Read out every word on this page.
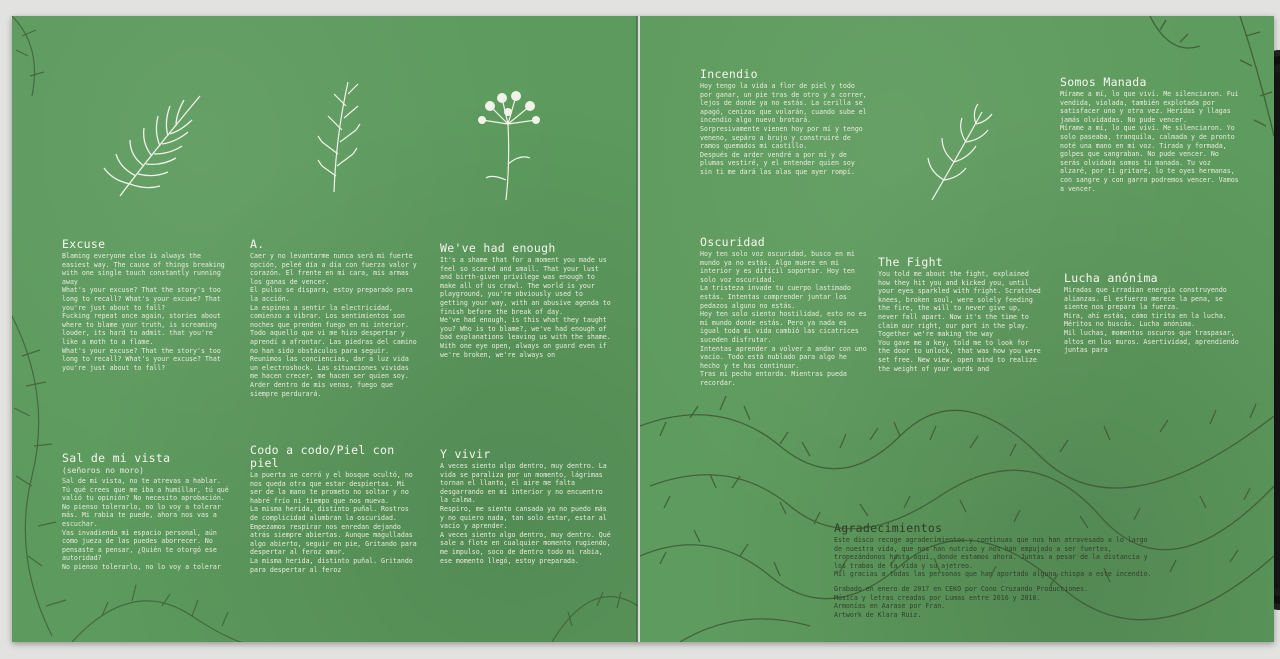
Excuse

Blaming everyone else is always the easiest way. The cause of things breaking with one single touch constantly running away
What's your excuse? That the story's too long to recall? What's your excuse? That you're just about to fall?
Fucking repeat once again, stories about where to blame your truth, is screaming louder, its hard to admit. that you're like a moth to a flame.
What's your excuse? That the story's too long to recall? What's your excuse? That you're just about to fall?

A.

Caer y no levantarme nunca será mi fuerte opción, peleé día a día con fuerza valor y corazón. El frente en mi cara, mis armas los ganas de vencer.
El pulso se dispara, estoy preparado para la acción.
La espinea a sentir la electricidad, comienzo a vibrar. Los sentimientos son noches que prenden fuego en mi interior.
Todo aquello que vi me hizo despertar y aprendí a afrontar. Las piedras del camino no han sido obstáculos para seguir. Reunimos las conciencias, dar a luz vida un electroshock. Las situaciones vividas me hacen crecer, me hacen ser quien soy.
Arder dentro de mis venas, fuego que siempre perdurará.

We've had enough

It's a shame that for a moment you made us feel so scared and small. That your lust and birth-given privilege was enough to make all of us crawl. The world is your playground, you're obviously used to getting your way, with an abusive agenda to finish before the break of day.
We've had enough, is this what they taught you? Who is to blame?, we've had enough of bad explanations leaving us with the shame.
With one eye open, always on guard even if we're broken, we're always on

Sal de mi vista

(señoros no moro)

Sal de mi vista, no te atrevas a hablar. Tú qué crees que me iba a humillar, tú qué valió tu opinión? No necesito aprobación.
No pienso tolerarlo, no lo voy a tolerar más. Mi rabia te puede, ahora nos vas a escuchar.
Vas invadiendo mi espacio personal, aún como jueza de las puedes aborrecer. No pensaste a pensar, ¿Quién te otorgó ese autoridad?
No pienso tolerarlo, no lo voy a tolerar

Codo a codo/Piel con piel

La puerta se cerró y el bosque ocultó, no nos queda otra que estar despiertas. Mi ser de la mano te prometo no soltar y no habré frío ni tiempo que nos mueva.
La misma herida, distinto puñal. Rostros de complicidad alumbran la oscuridad.
Empezamos respirar nos enredan dejando atrás siempre abiertas. Aunque magulladas algo abierto, seguir en pie, Gritando para despertar al feroz amor.
La misma herida, distinto puñal. Gritando para despertar al feroz

Y vivir

A veces siento algo dentro, muy dentro. La vida se paraliza por un momento, lágrimas tornan el llanto, el aire me falta desgarrando en mi interior y no encuentro la calma.
Respiro, me siento cansada ya no puedo más y no quiero nada, tan solo estar, estar al vacío y aprender.
A veces siento algo dentro, muy dentro. Qué sale a flote en cualquier momento rugiendo, me impulso, soco de dentro todo mi rabia, ese momento llegó, estoy preparada.

Incendio

Hoy tengo la vida a flor de piel y todo por ganar, un pie tras de otro y a correr, lejos de donde ya no estás. La cerilla se apagó, cenizas que volarán, cuando sube el incendio algo nuevo brotará.
Sorpresivamente vienen hoy por mí y tengo veneno, sepáro a brujo y construiré de ramos quemados mi castillo.
Después de arder vendré a por mí y de plumas vestiré, y el entender quien soy sin ti me dará las alas que ayer rompí.

Somos Manada

Mírame a mí, lo que viví. Me silenciaron. Fui vendida, violada, también explotada por satisfacer uno y otra vez. Heridas y llagas jamás olvidadas. No pude vencer.
Mírame a mí, lo que viví. Me silenciaron. Yo solo paseaba, tranquila, calmada y de pronto noté una mano en mi voz. Tirada y formada, golpes que sangraban. No pude vencer. No serás olvidada somos tu manada. Tu voz alzaré, por ti gritaré, lo te oyes hermanas, con sangre y con garra podremos vencer. Vamos a vencer.

Oscuridad

Hoy ten solo voz oscuridad, busco en mi mundo ya no estás. Algo muere en mi interior y es difícil soportar. Hoy ten solo voz oscuridad.
La tristeza invade tu cuerpo lastimado estás. Intentas comprender juntar los pedazos alguno no estás.
Hoy ten solo siento hostilidad, esto no es mi mundo donde estás. Pero ya nada es igual toda mi vida cambió las cicatrices suceden disfrutar.
Intentas aprender a volver a andar con uno vacío. Todo está nublado para algo he hecho y te has continuar.
Tras mi pecho entorda. Mientras pueda recordar.

The Fight

You told me about the fight, explained how they hit you and kicked you, until your eyes sparkled with fright. Scratched knees, broken soul, were solely feeding the fire, the will to never give up, never fall apart. Now it's the time to claim our right, our part in the play.
Together we're making the way
You gave me a key, told me to look for the door to unlock, that was how you were set free. New view, open mind to realize the weight of your words and

Lucha anónima

Miradas que irradian energía construyendo alianzas. El esfuerzo merece la pena, se siente nos prepara la fuerza.
Mira, ahí estás, cómo tirita en la lucha. Méritos no buscás. Lucha anónima.
Mil luchas, momentos oscuros que traspasar, altos en los muros. Asertividad, aprendiendo juntas para

Agradecimientos

Este disco recoge agradecimientos y continuas que nos han atravesado a lo largo de nuestra vida, que nos han nutrido y nos han empujado a ser fuertes, tropezándonos hasta aquí, donde estamos ahora. Juntas a pesar de la distancia y los trabas de la vida y su ajetreo.
Mil gracias a todas las personas que han aportado alguna chispa a este incendio.

Grabado en enero de 2017 en CEKO por Cono Cruzando Producciones.
Música y letras creadas por Lumas entre 2016 y 2018.
Armonías en Aarase por Fran.
Artwork de Klara Ruiz.
